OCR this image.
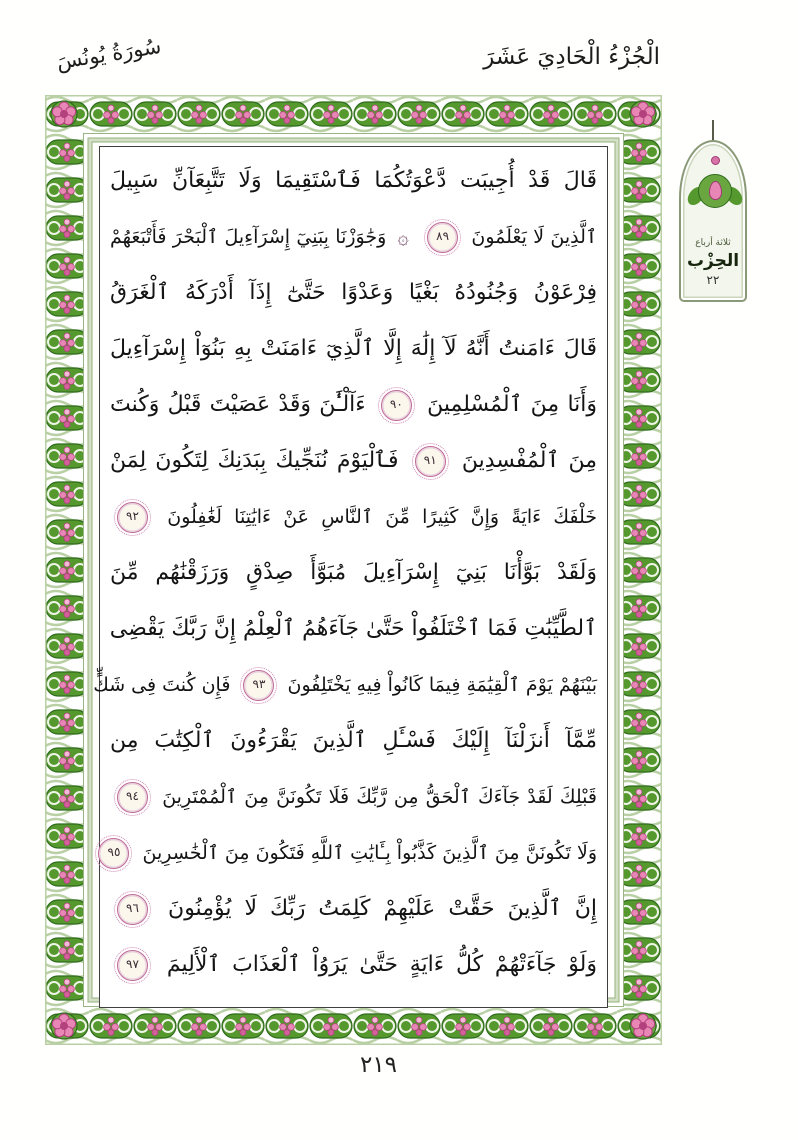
الْجُزْءُ الْحَادِيَ عَشَرَ
سُورَةُ يُونُسَ
قَالَ قَدْ أُجِيبَت دَّعْوَتُكُمَا فَٱسْتَقِيمَا وَلَا تَتَّبِعَآنِّ سَبِيلَ
ٱلَّذِينَ لَا يَعْلَمُونَ ٨٩ ۞ وَجَٰوَزْنَا بِبَنِيٓ إِسْرَآءِيلَ ٱلْبَحْرَ فَأَتْبَعَهُمْ
فِرْعَوْنُ وَجُنُودُهُ بَغْيًا وَعَدْوًا حَتَّىٰٓ إِذَآ أَدْرَكَهُ ٱلْغَرَقُ
قَالَ ءَامَنتُ أَنَّهُ لَآ إِلَٰهَ إِلَّا ٱلَّذِيٓ ءَامَنَتْ بِهِ بَنُوٓاْ إِسْرَآءِيلَ
وَأَنَا مِنَ ٱلْمُسْلِمِينَ ٩٠ ءَآلْـَٰٔنَ وَقَدْ عَصَيْتَ قَبْلُ وَكُنتَ
مِنَ ٱلْمُفْسِدِينَ ٩١ فَٱلْيَوْمَ نُنَجِّيكَ بِبَدَنِكَ لِتَكُونَ لِمَنْ
خَلْفَكَ ءَايَةً وَإِنَّ كَثِيرًا مِّنَ ٱلنَّاسِ عَنْ ءَايَٰتِنَا لَغَٰفِلُونَ ٩٢
وَلَقَدْ بَوَّأْنَا بَنِيٓ إِسْرَآءِيلَ مُبَوَّأَ صِدْقٍ وَرَزَقْنَٰهُم مِّنَ
ٱلطَّيِّبَٰتِ فَمَا ٱخْتَلَفُواْ حَتَّىٰ جَآءَهُمُ ٱلْعِلْمُ إِنَّ رَبَّكَ يَقْضِى
بَيْنَهُمْ يَوْمَ ٱلْقِيَٰمَةِ فِيمَا كَانُواْ فِيهِ يَخْتَلِفُونَ ٩٣ فَإِن كُنتَ فِى شَكٍّ
مِّمَّآ أَنزَلْنَآ إِلَيْكَ فَسْـَٔلِ ٱلَّذِينَ يَقْرَءُونَ ٱلْكِتَٰبَ مِن
قَبْلِكَ لَقَدْ جَآءَكَ ٱلْحَقُّ مِن رَّبِّكَ فَلَا تَكُونَنَّ مِنَ ٱلْمُمْتَرِينَ ٩٤
وَلَا تَكُونَنَّ مِنَ ٱلَّذِينَ كَذَّبُواْ بِـَٔايَٰتِ ٱللَّهِ فَتَكُونَ مِنَ ٱلْخَٰسِرِينَ ٩٥
إِنَّ ٱلَّذِينَ حَقَّتْ عَلَيْهِمْ كَلِمَتُ رَبِّكَ لَا يُؤْمِنُونَ ٩٦
وَلَوْ جَآءَتْهُمْ كُلُّ ءَايَةٍ حَتَّىٰ يَرَوُاْ ٱلْعَذَابَ ٱلْأَلِيمَ ٩٧
ثلاثة أرباع
الحِزْب
٢٢
٢١٩
